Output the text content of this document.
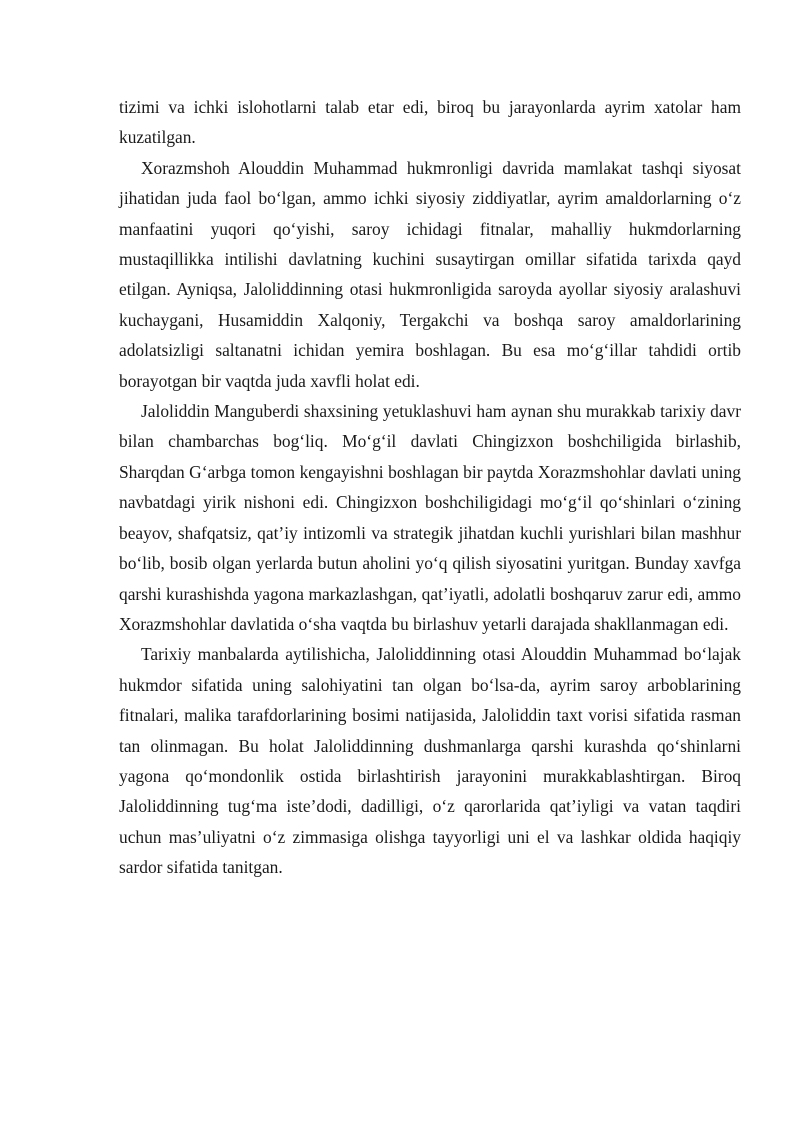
tizimi va ichki islohotlarni talab etar edi, biroq bu jarayonlarda ayrim xatolar ham kuzatilgan.

Xorazmshoh Alouddin Muhammad hukmronligi davrida mamlakat tashqi siyosat jihatidan juda faol bo‘lgan, ammo ichki siyosiy ziddiyatlar, ayrim amaldorlarning o‘z manfaatini yuqori qo‘yishi, saroy ichidagi fitnalar, mahalliy hukmdorlarning mustaqillikka intilishi davlatning kuchini susaytirgan omillar sifatida tarixda qayd etilgan. Ayniqsa, Jaloliddinning otasi hukmronligida saroyda ayollar siyosiy aralashuvi kuchaygani, Husamiddin Xalqoniy, Tergakchi va boshqa saroy amaldorlarining adolatsizligi saltanatni ichidan yemira boshlagan. Bu esa mo‘g‘illar tahdidi ortib borayotgan bir vaqtda juda xavfli holat edi.

Jaloliddin Manguberdi shaxsining yetuklashuvi ham aynan shu murakkab tarixiy davr bilan chambarchas bog‘liq. Mo‘g‘il davlati Chingizxon boshchiligida birlashib, Sharqdan G‘arbga tomon kengayishni boshlagan bir paytda Xorazmshohlar davlati uning navbatdagi yirik nishoni edi. Chingizxon boshchiligidagi mo‘g‘il qo‘shinlari o‘zining beayov, shafqatsiz, qat’iy intizomli va strategik jihatdan kuchli yurishlari bilan mashhur bo‘lib, bosib olgan yerlarda butun aholini yo‘q qilish siyosatini yuritgan. Bunday xavfga qarshi kurashishda yagona markazlashgan, qat’iyatli, adolatli boshqaruv zarur edi, ammo Xorazmshohlar davlatida o‘sha vaqtda bu birlashuv yetarli darajada shakllanmagan edi.

Tarixiy manbalarda aytilishicha, Jaloliddinning otasi Alouddin Muhammad bo‘lajak hukmdor sifatida uning salohiyatini tan olgan bo‘lsa-da, ayrim saroy arboblarining fitnalari, malika tarafdorlarining bosimi natijasida, Jaloliddin taxt vorisi sifatida rasman tan olinmagan. Bu holat Jaloliddinning dushmanlarga qarshi kurashda qo‘shinlarni yagona qo‘mondonlik ostida birlashtirish jarayonini murakkablashtirgan. Biroq Jaloliddinning tug‘ma iste’dodi, dadilligi, o‘z qarorlarida qat’iyligi va vatan taqdiri uchun mas’uliyatni o‘z zimmasiga olishga tayyorligi uni el va lashkar oldida haqiqiy sardor sifatida tanitgan.
